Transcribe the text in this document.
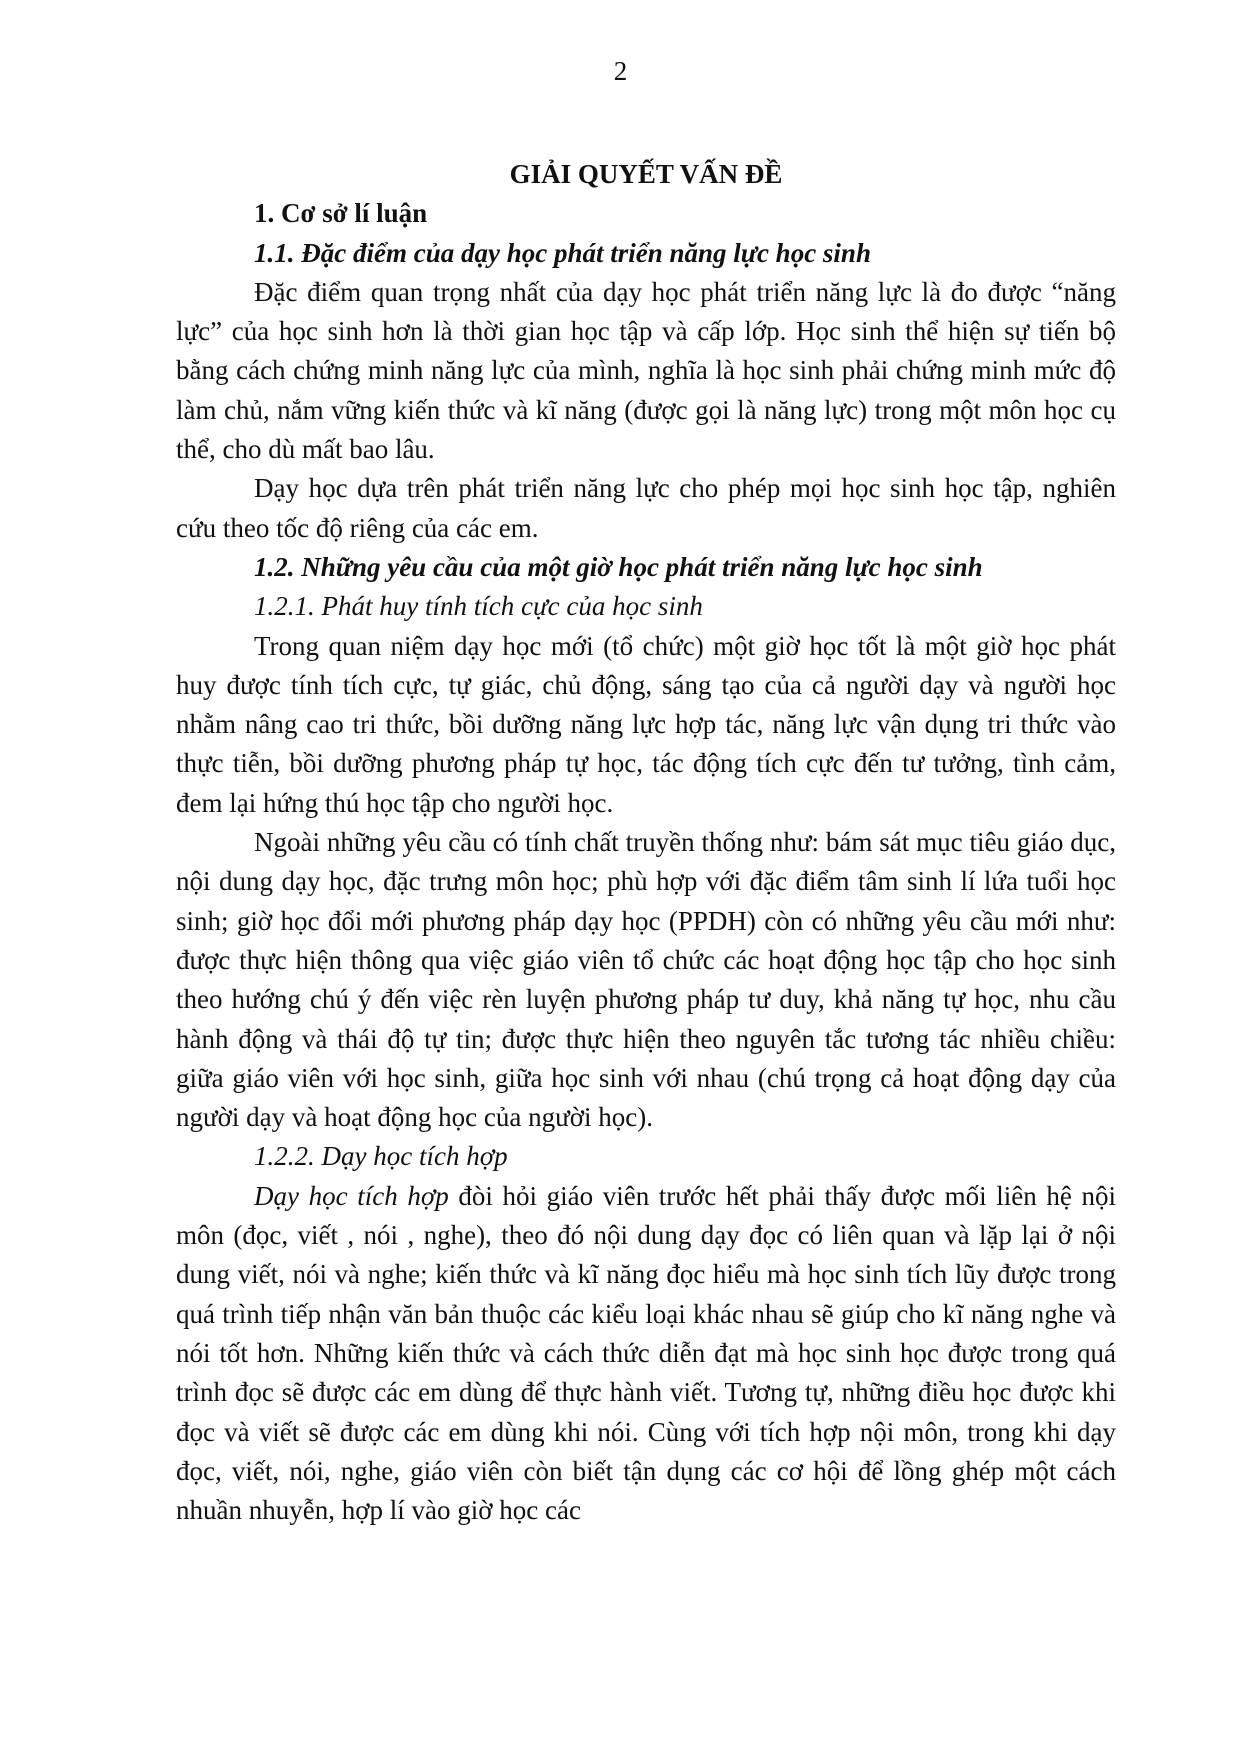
2

GIẢI QUYẾT VẤN ĐỀ

1. Cơ sở lí luận

1.1. Đặc điểm của dạy học phát triển năng lực học sinh

Đặc điểm quan trọng nhất của dạy học phát triển năng lực là đo được “năng lực” của học sinh hơn là thời gian học tập và cấp lớp. Học sinh thể hiện sự tiến bộ bằng cách chứng minh năng lực của mình, nghĩa là học sinh phải chứng minh mức độ làm chủ, nắm vững kiến thức và kĩ năng (được gọi là năng lực) trong một môn học cụ thể, cho dù mất bao lâu.

Dạy học dựa trên phát triển năng lực cho phép mọi học sinh học tập, nghiên cứu theo tốc độ riêng của các em.

1.2. Những yêu cầu của một giờ học phát triển năng lực học sinh

1.2.1. Phát huy tính tích cực của học sinh

Trong quan niệm dạy học mới (tổ chức) một giờ học tốt là một giờ học phát huy được tính tích cực, tự giác, chủ động, sáng tạo của cả người dạy và người học nhằm nâng cao tri thức, bồi dưỡng năng lực hợp tác, năng lực vận dụng tri thức vào thực tiễn, bồi dưỡng phương pháp tự học, tác động tích cực đến tư tưởng, tình cảm, đem lại hứng thú học tập cho người học.

Ngoài những yêu cầu có tính chất truyền thống như: bám sát mục tiêu giáo dục, nội dung dạy học, đặc trưng môn học; phù hợp với đặc điểm tâm sinh lí lứa tuổi học sinh; giờ học đổi mới phương pháp dạy học (PPDH) còn có những yêu cầu mới như: được thực hiện thông qua việc giáo viên tổ chức các hoạt động học tập cho học sinh theo hướng chú ý đến việc rèn luyện phương pháp tư duy, khả năng tự học, nhu cầu hành động và thái độ tự tin; được thực hiện theo nguyên tắc tương tác nhiều chiều: giữa giáo viên với học sinh, giữa học sinh với nhau (chú trọng cả hoạt động dạy của người dạy và hoạt động học của người học).

1.2.2. Dạy học tích hợp

Dạy học tích hợp đòi hỏi giáo viên trước hết phải thấy được mối liên hệ nội môn (đọc, viết , nói , nghe), theo đó nội dung dạy đọc có liên quan và lặp lại ở nội dung viết, nói và nghe; kiến thức và kĩ năng đọc hiểu mà học sinh tích lũy được trong quá trình tiếp nhận văn bản thuộc các kiểu loại khác nhau sẽ giúp cho kĩ năng nghe và nói tốt hơn. Những kiến thức và cách thức diễn đạt mà học sinh học được trong quá trình đọc sẽ được các em dùng để thực hành viết. Tương tự, những điều học được khi đọc và viết sẽ được các em dùng khi nói. Cùng với tích hợp nội môn, trong khi dạy đọc, viết, nói, nghe, giáo viên còn biết tận dụng các cơ hội để lồng ghép một cách nhuần nhuyễn, hợp lí vào giờ học các
